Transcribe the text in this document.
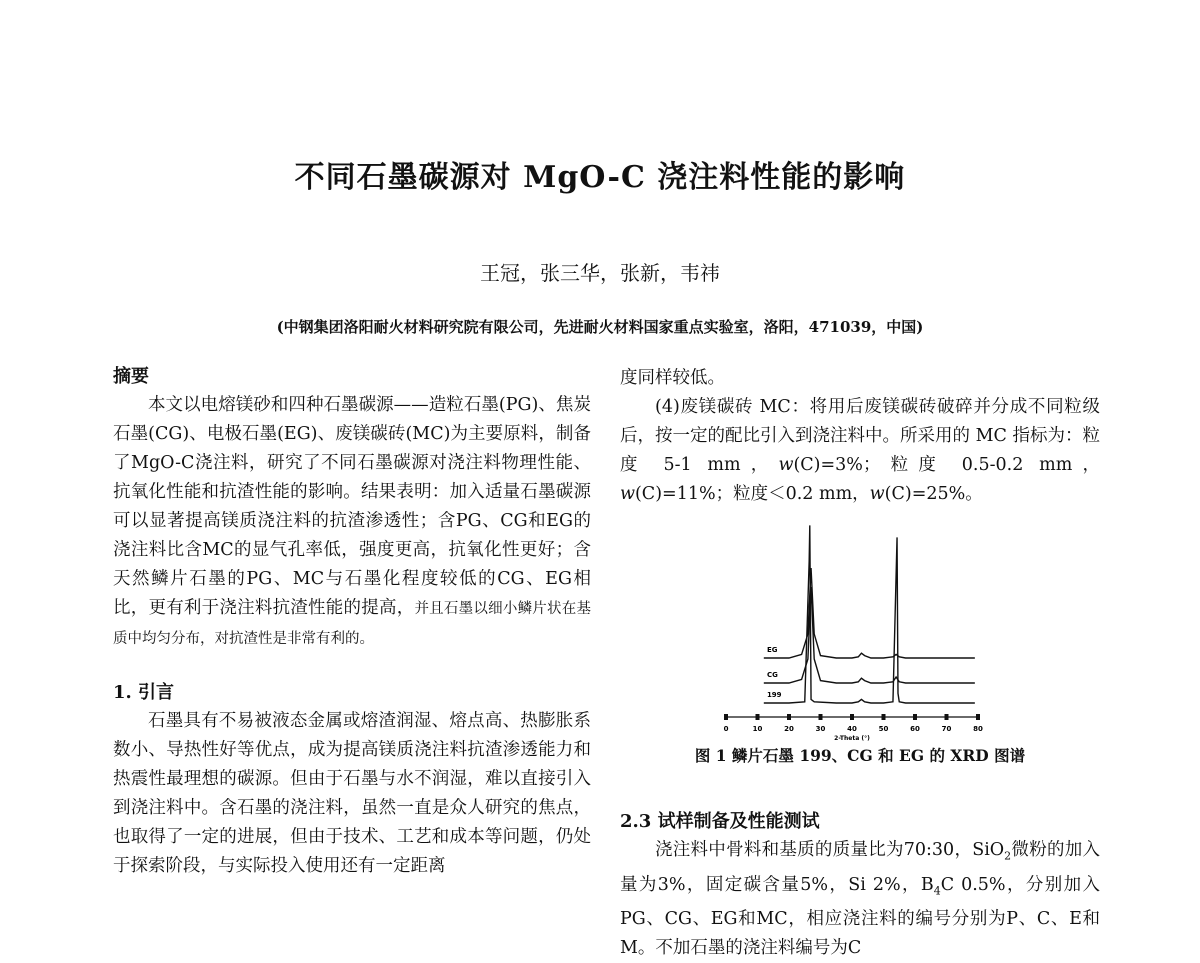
不同石墨碳源对 MgO-C 浇注料性能的影响
王冠，张三华，张新，韦祎
(中钢集团洛阳耐火材料研究院有限公司，先进耐火材料国家重点实验室，洛阳，471039，中国)

摘要

本文以电熔镁砂和四种石墨碳源——造粒石墨(PG)、焦炭石墨(CG)、电极石墨(EG)、废镁碳砖(MC)为主要原料，制备了MgO-C浇注料，研究了不同石墨碳源对浇注料物理性能、抗氧化性能和抗渣性能的影响。结果表明：加入适量石墨碳源可以显著提高镁质浇注料的抗渣渗透性；含PG、CG和EG的浇注料比含MC的显气孔率低，强度更高，抗氧化性更好；含天然鳞片石墨的PG、MC与石墨化程度较低的CG、EG相比，更有利于浇注料抗渣性能的提高，并且石墨以细小鳞片状在基质中均匀分布，对抗渣性是非常有利的。

1. 引言

石墨具有不易被液态金属或熔渣润湿、熔点高、热膨胀系数小、导热性好等优点，成为提高镁质浇注料抗渣渗透能力和热震性最理想的碳源。但由于石墨与水不润湿，难以直接引入到浇注料中。含石墨的浇注料，虽然一直是众人研究的焦点，也取得了一定的进展，但由于技术、工艺和成本等问题，仍处于探索阶段，与实际投入使用还有一定距离

度同样较低。

(4)废镁碳砖 MC：将用后废镁碳砖破碎并分成不同粒级后，按一定的配比引入到浇注料中。所采用的 MC 指标为：粒度 5-1 mm，w(C)=3%；粒度 0.5-0.2 mm，w(C)=11%；粒度＜0.2 mm，w(C)=25%。

0	10	20	30	40	50	60	70	80
2-Theta (°)
EG
CG
199
图 1 鳞片石墨 199、CG 和 EG 的 XRD 图谱

2.3 试样制备及性能测试

浇注料中骨料和基质的质量比为70:30，SiO$_2$微粉的加入量为3%，固定碳含量5%，Si 2%，$B_4C$ 0.5%，分别加入PG、CG、EG和MC，相应浇注料的编号分别为P、C、E和M。不加石墨的浇注料编号为C
